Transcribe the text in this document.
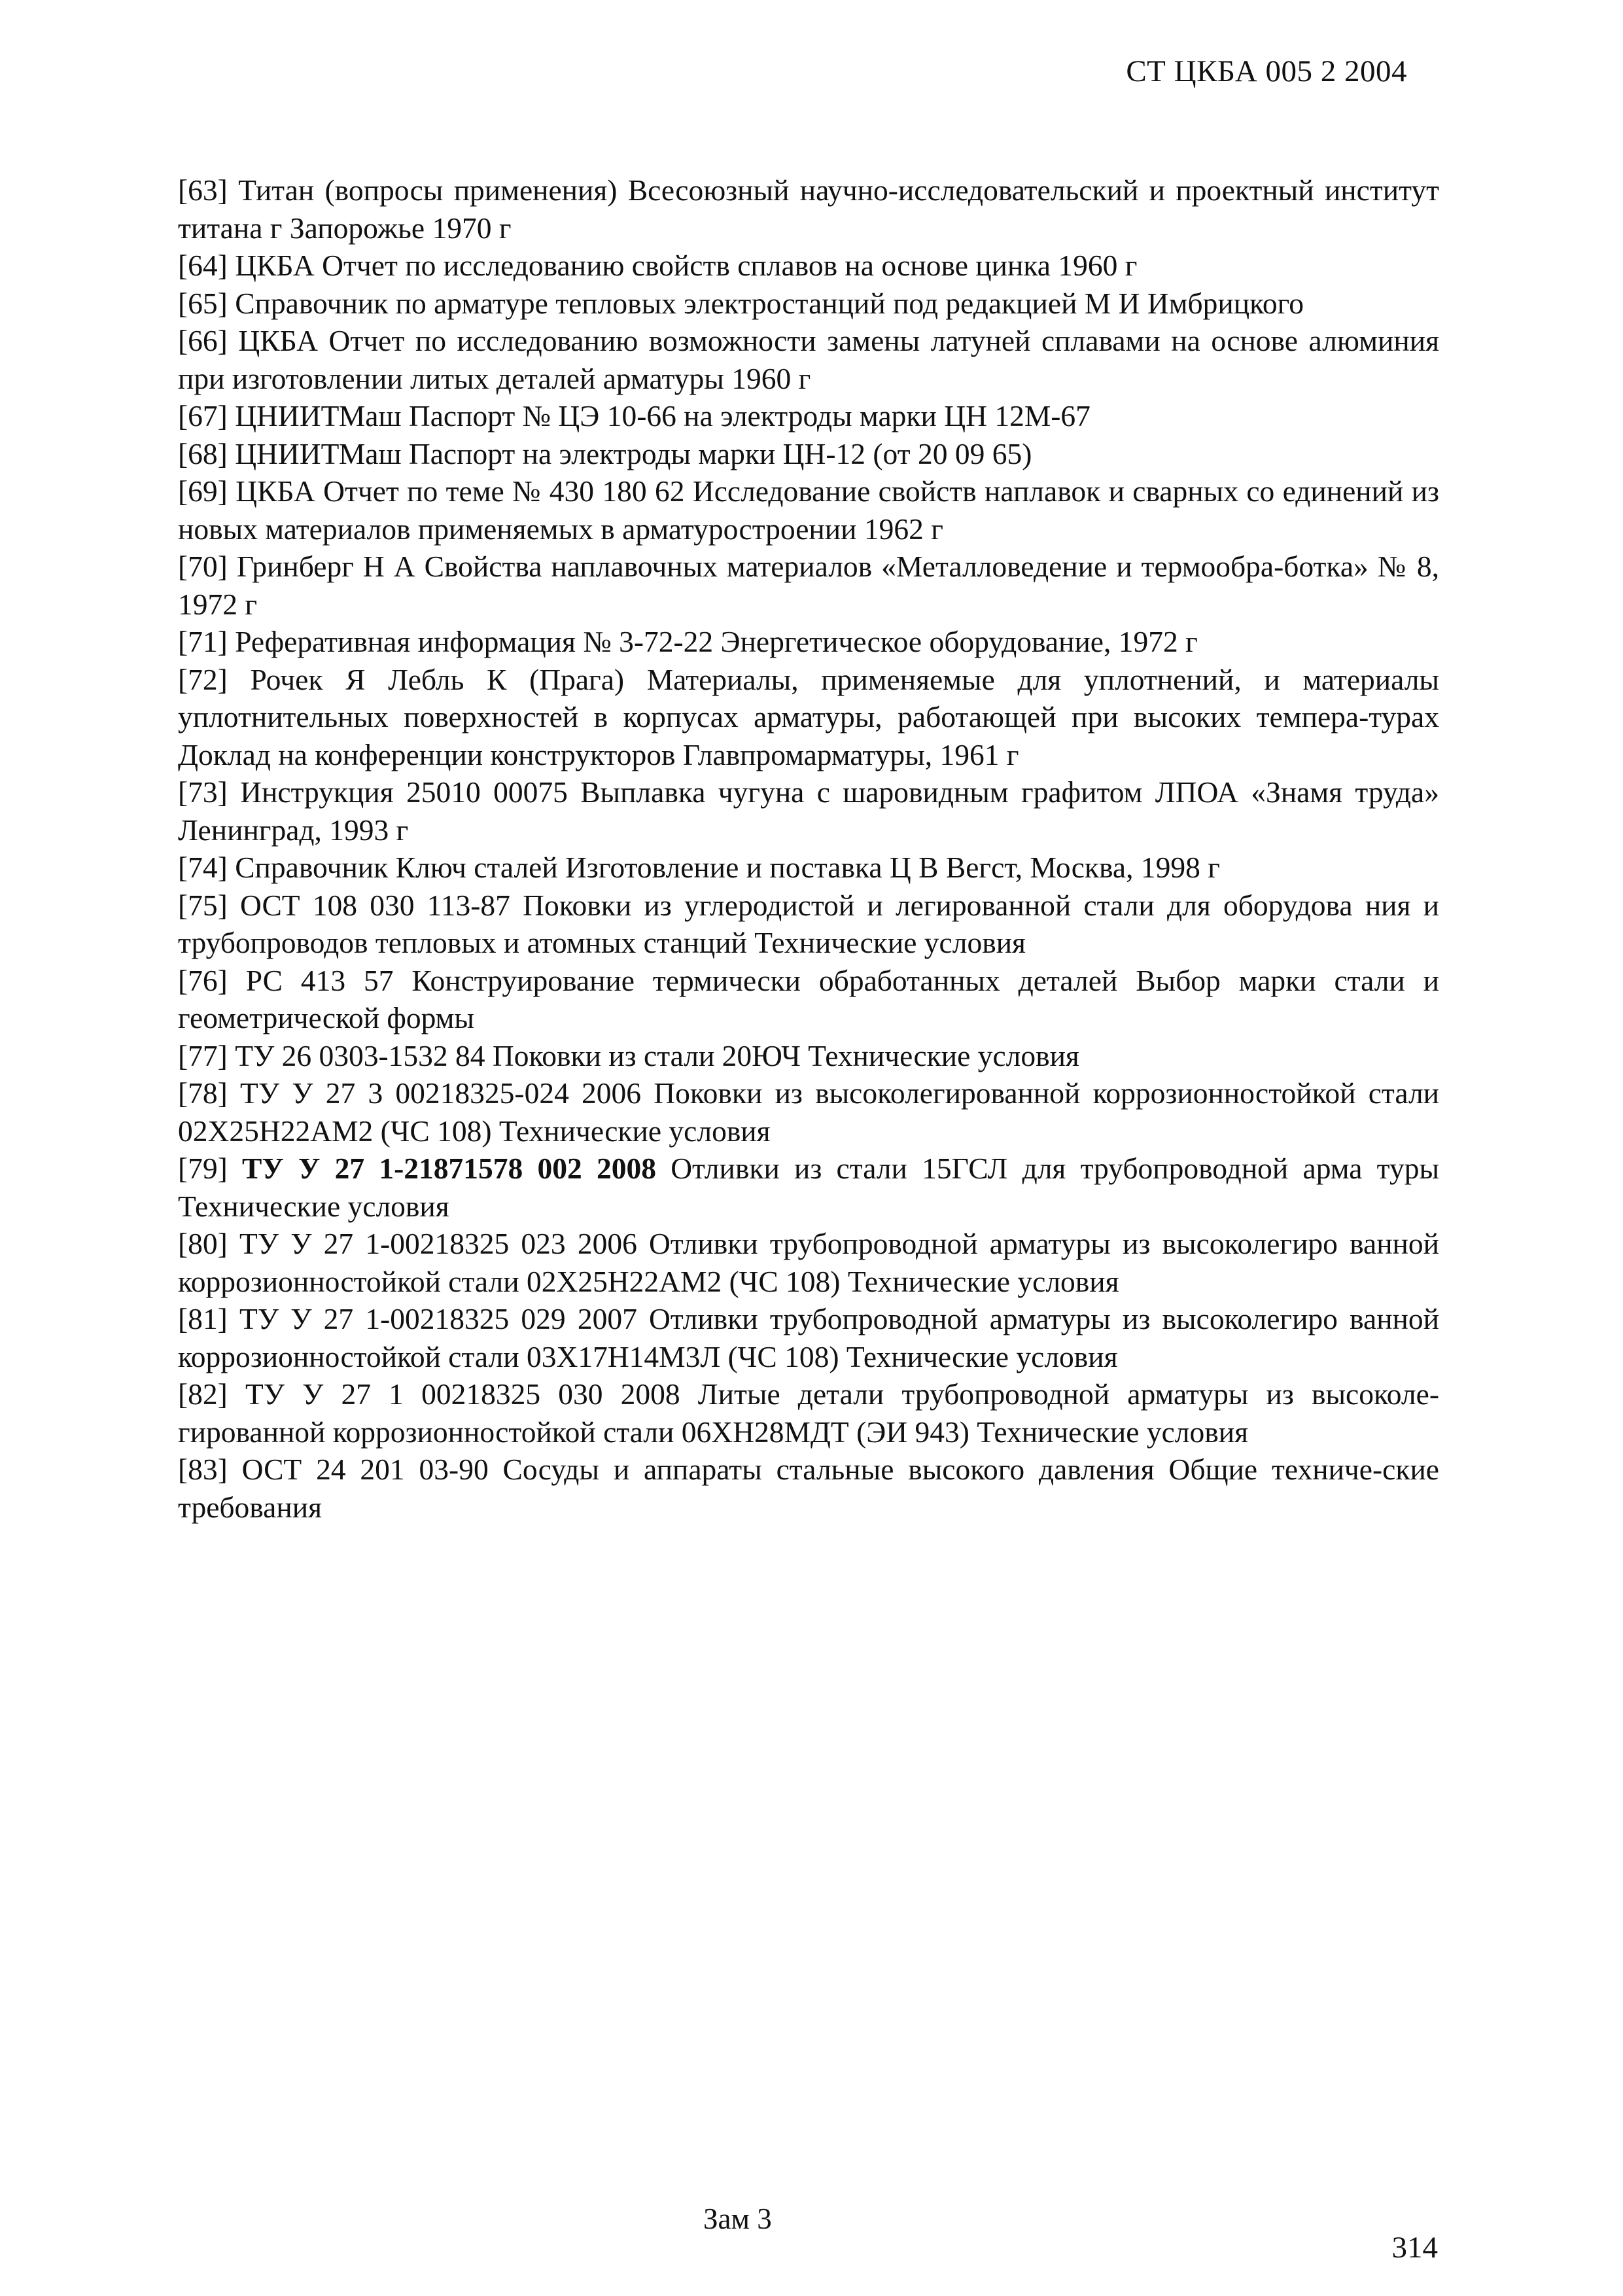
СТ ЦКБА 005 2 2004
[63] Титан (вопросы применения) Всесоюзный научно-исследовательский и проектный институт титана г Запорожье 1970 г
[64] ЦКБА Отчет по исследованию свойств сплавов на основе цинка 1960 г
[65] Справочник по арматуре тепловых электростанций под редакцией М И Имбрицкого
[66] ЦКБА Отчет по исследованию возможности замены латуней сплавами на основе алюминия при изготовлении литых деталей арматуры 1960 г
[67] ЦНИИТМаш Паспорт № ЦЭ 10-66 на электроды марки ЦН 12М-67
[68] ЦНИИТМаш Паспорт на электроды марки ЦН-12 (от 20 09 65)
[69] ЦКБА Отчет по теме № 430 180 62 Исследование свойств наплавок и сварных со единений из новых материалов применяемых в арматуростроении 1962 г
[70] Гринберг Н А Свойства наплавочных материалов «Металловедение и термообра-ботка» № 8, 1972 г
[71] Реферативная информация № 3-72-22 Энергетическое оборудование, 1972 г
[72] Рочек Я Лебль К (Прага) Материалы, применяемые для уплотнений, и материалы уплотнительных поверхностей в корпусах арматуры, работающей при высоких темпера-турах Доклад на конференции конструкторов Главпромарматуры, 1961 г
[73] Инструкция 25010 00075 Выплавка чугуна с шаровидным графитом ЛПОА «Знамя труда» Ленинград, 1993 г
[74] Справочник Ключ сталей Изготовление и поставка Ц В Вегст, Москва, 1998 г
[75] ОСТ 108 030 113-87 Поковки из углеродистой и легированной стали для оборудова ния и трубопроводов тепловых и атомных станций Технические условия
[76] РС 413 57 Конструирование термически обработанных деталей Выбор марки стали и геометрической формы
[77] ТУ 26 0303-1532 84 Поковки из стали 20ЮЧ Технические условия
[78] ТУ У 27 3 00218325-024 2006 Поковки из высоколегированной коррозионностойкой стали 02Х25Н22АМ2 (ЧС 108) Технические условия
[79] ТУ У 27 1-21871578 002 2008 Отливки из стали 15ГСЛ для трубопроводной арма туры Технические условия
[80] ТУ У 27 1-00218325 023 2006 Отливки трубопроводной арматуры из высоколегиро ванной коррозионностойкой стали 02Х25Н22АМ2 (ЧС 108) Технические условия
[81] ТУ У 27 1-00218325 029 2007 Отливки трубопроводной арматуры из высоколегиро ванной коррозионностойкой стали 03Х17Н14М3Л (ЧС 108) Технические условия
[82] ТУ У 27 1 00218325 030 2008 Литые детали трубопроводной арматуры из высоколе-гированной коррозионностойкой стали 06ХН28МДТ (ЭИ 943) Технические условия
[83] ОСТ 24 201 03-90 Сосуды и аппараты стальные высокого давления Общие техниче-ские требования
Зам 3
314
